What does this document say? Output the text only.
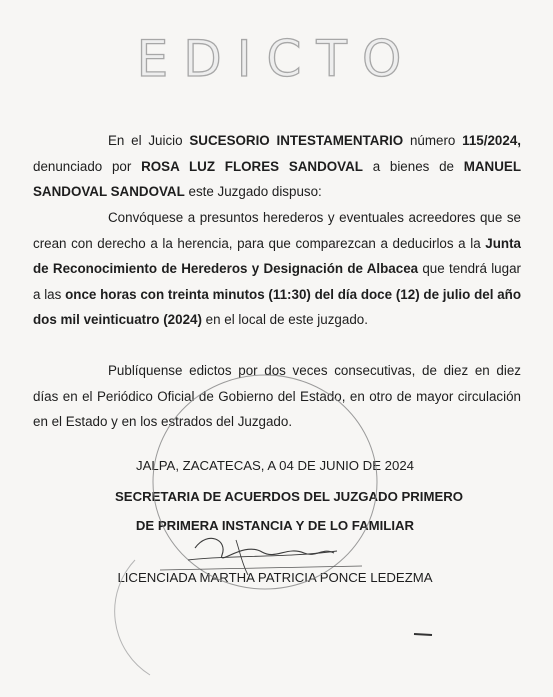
EDICTO
En el Juicio SUCESORIO INTESTAMENTARIO número 115/2024, denunciado por ROSA LUZ FLORES SANDOVAL a bienes de MANUEL SANDOVAL SANDOVAL este Juzgado dispuso:
Convóquese a presuntos herederos y eventuales acreedores que se crean con derecho a la herencia, para que comparezcan a deducirlos a la Junta de Reconocimiento de Herederos y Designación de Albacea que tendrá lugar a las once horas con treinta minutos (11:30) del día doce (12) de julio del año dos mil veinticuatro (2024) en el local de este juzgado.
Publíquense edictos por dos veces consecutivas, de diez en diez días en el Periódico Oficial de Gobierno del Estado, en otro de mayor circulación en el Estado y en los estrados del Juzgado.
JALPA, ZACATECAS, A 04 DE JUNIO DE 2024
SECRETARIA DE ACUERDOS DEL JUZGADO PRIMERO
DE PRIMERA INSTANCIA Y DE LO FAMILIAR
LICENCIADA MARTHA PATRICIA PONCE LEDEZMA
